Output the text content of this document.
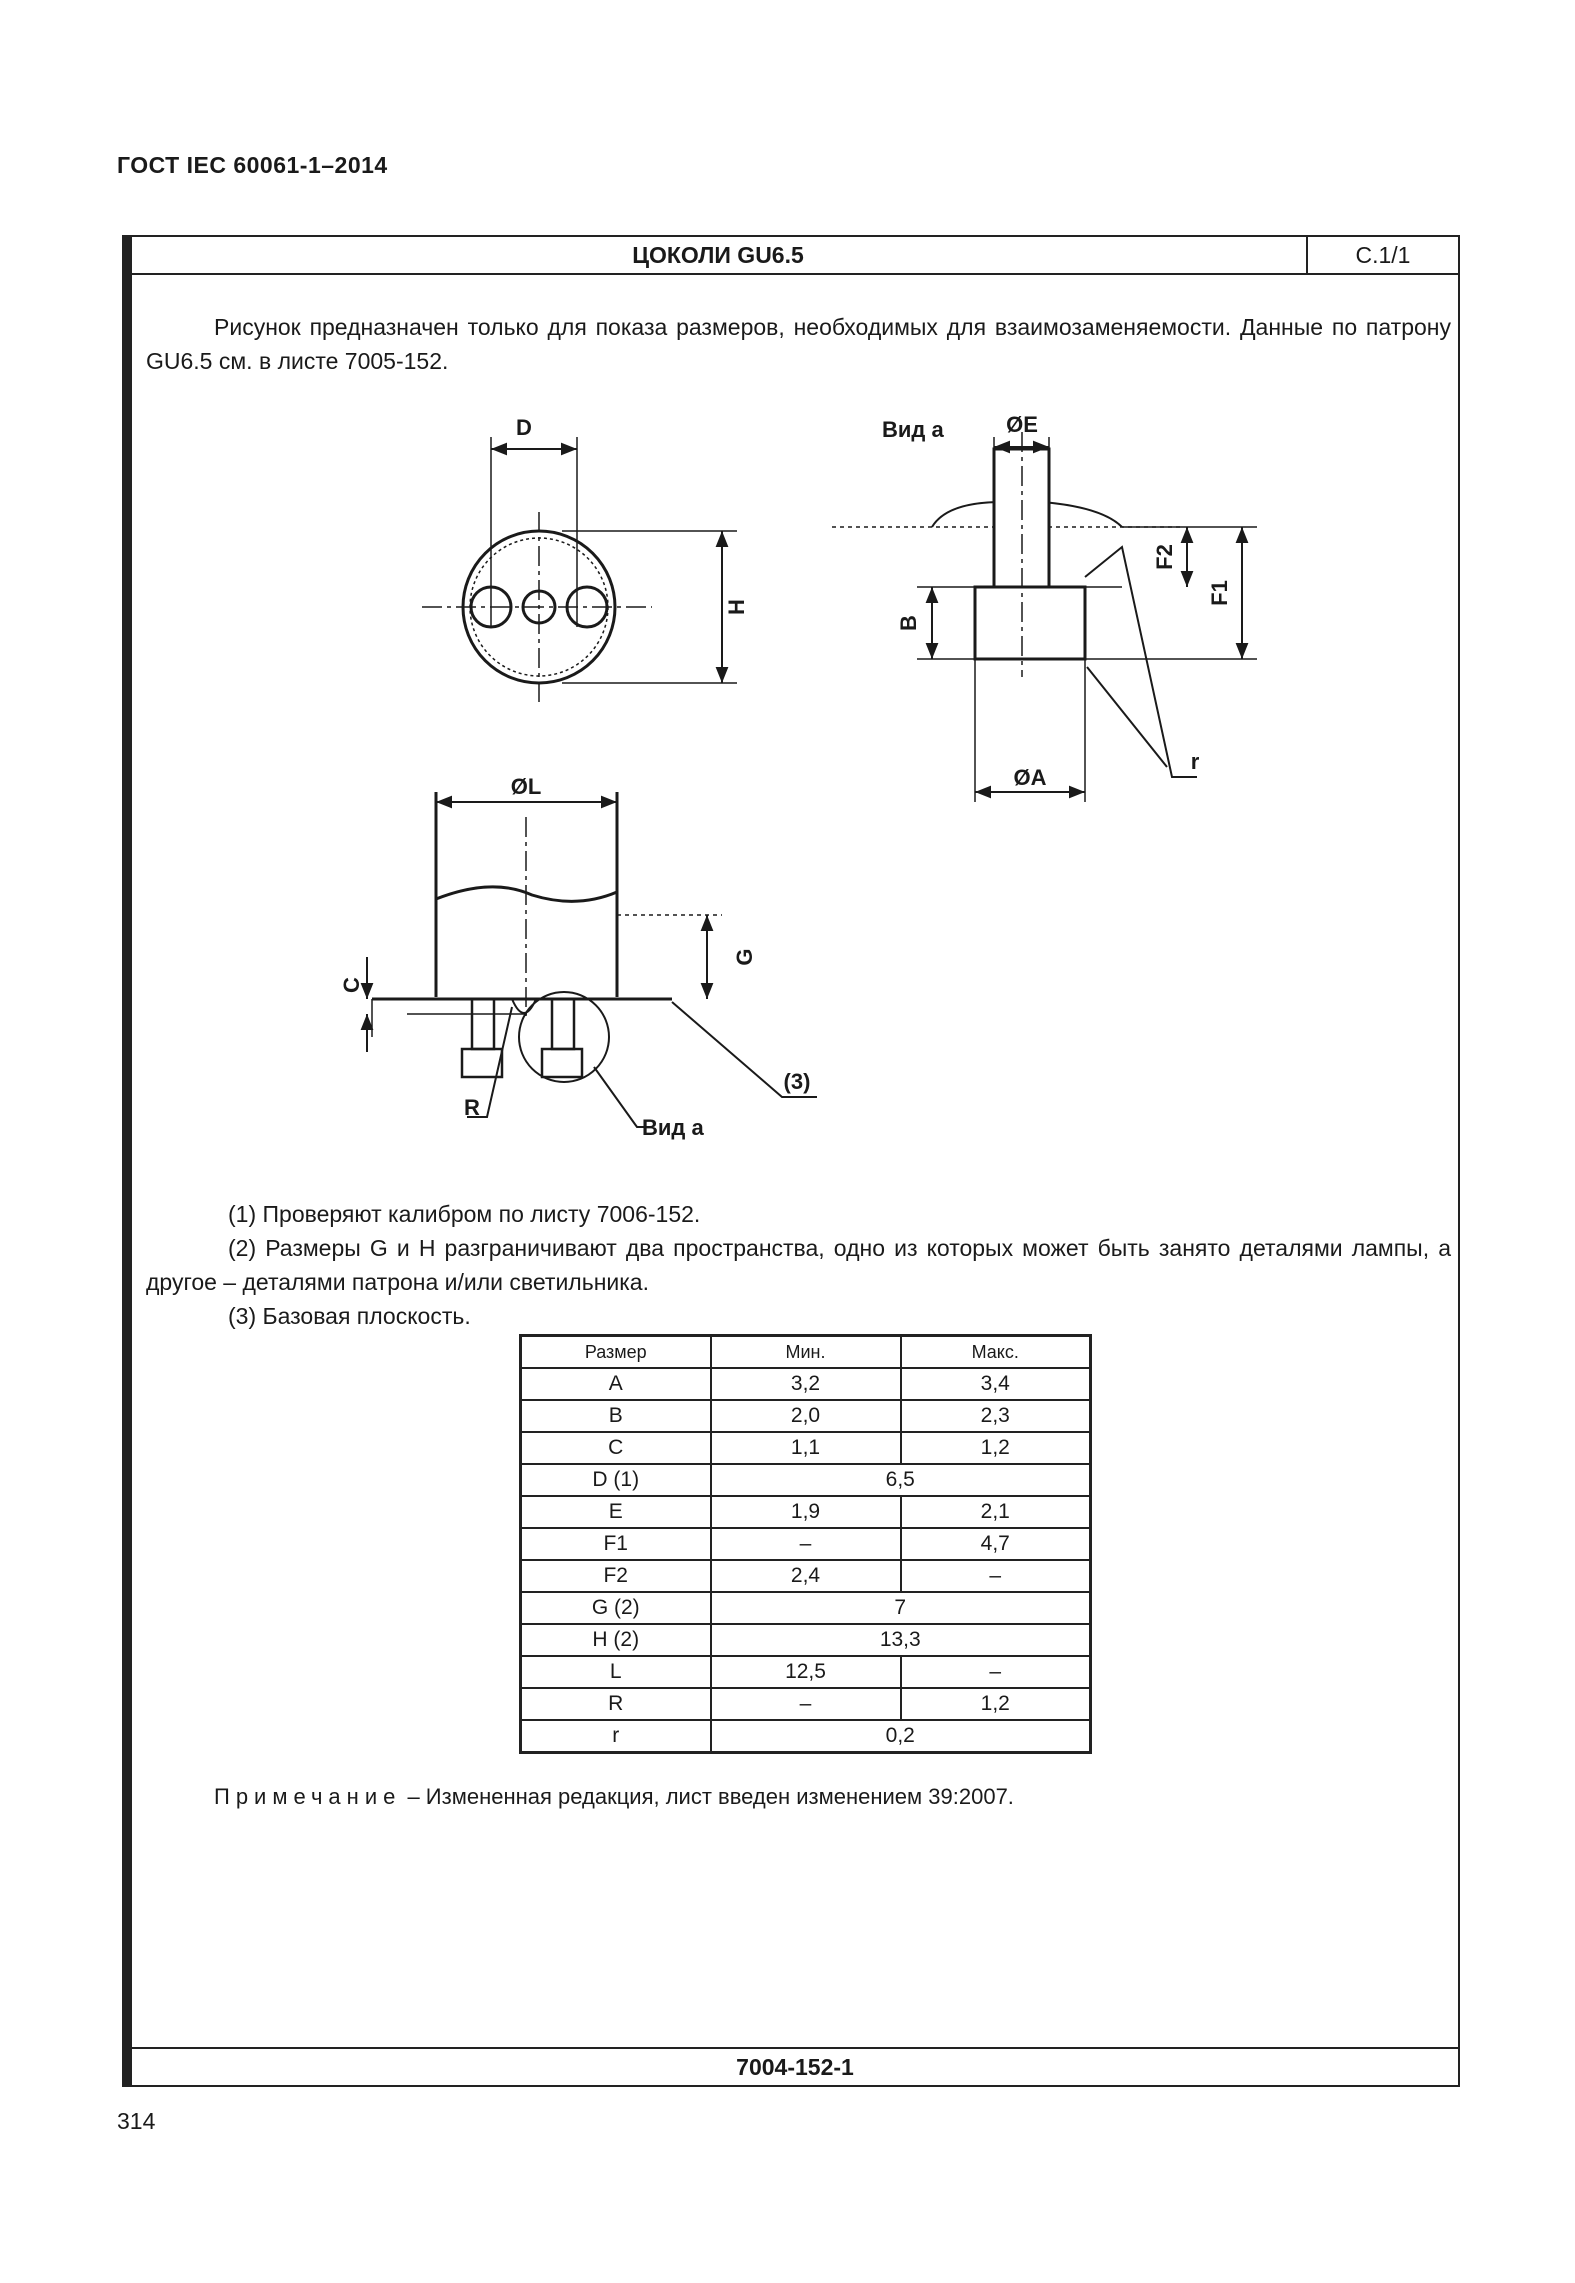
ГОСТ IEC 60061-1–2014
ЦОКОЛИ GU6.5	С.1/1
Рисунок предназначен только для показа размеров, необходимых для взаимозаменяемости. Данные по патрону GU6.5 см. в листе 7005-152.
D
H
Вид а	ØE
F2
F1
B
ØA
r
ØL
G
C
R
Вид а
(3)

(1) Проверяют калибром по листу 7006-152.

(2) Размеры G и H разграничивают два пространства, одно из которых может быть занято деталями лампы, а другое – деталями патрона и/или светильника.

(3) Базовая плоскость.

Размер	Мин.	Макс.
A	3,2	3,4
B	2,0	2,3
C	1,1	1,2
D (1)	6,5	
E	1,9	2,1
F1	–	4,7
F2	2,4	–
G (2)	7	
H (2)	13,3	
L	12,5	–
R	–	1,2
r	0,2	
Примечание – Измененная редакция, лист введен изменением 39:2007.
7004-152-1
314
